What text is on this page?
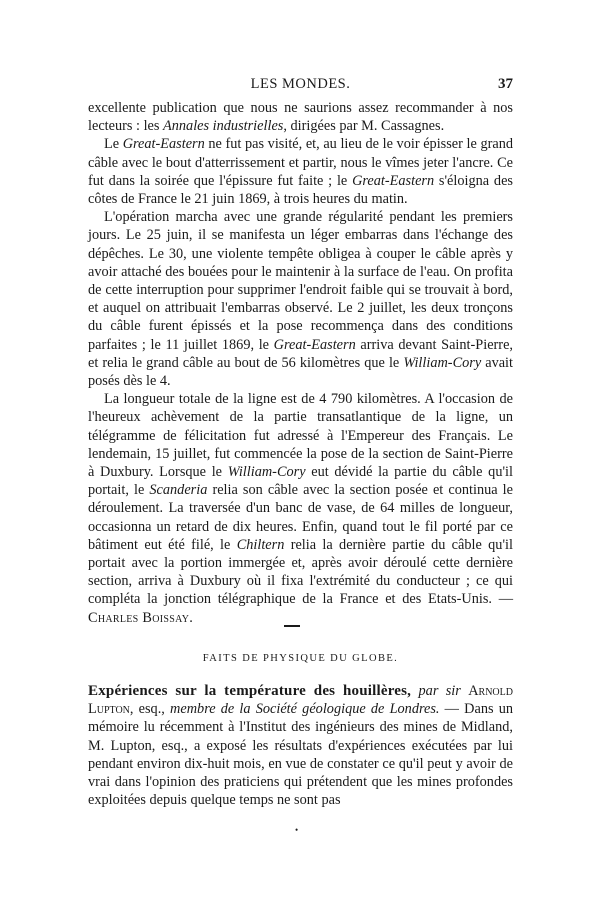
LES MONDES.	37

excellente publication que nous ne saurions assez recommander à nos lecteurs : les Annales industrielles, dirigées par M. Cassagnes.

Le Great-Eastern ne fut pas visité, et, au lieu de le voir épisser le grand câble avec le bout d'atterrissement et partir, nous le vîmes jeter l'ancre. Ce fut dans la soirée que l'épissure fut faite ; le Great-Eastern s'éloigna des côtes de France le 21 juin 1869, à trois heures du matin.

L'opération marcha avec une grande régularité pendant les premiers jours. Le 25 juin, il se manifesta un léger embarras dans l'échange des dépêches. Le 30, une violente tempête obligea à couper le câble après y avoir attaché des bouées pour le maintenir à la surface de l'eau. On profita de cette interruption pour supprimer l'endroit faible qui se trouvait à bord, et auquel on attribuait l'embarras observé. Le 2 juillet, les deux tronçons du câble furent épissés et la pose recommença dans des conditions parfaites ; le 11 juillet 1869, le Great-Eastern arriva devant Saint-Pierre, et relia le grand câble au bout de 56 kilomètres que le William-Cory avait posés dès le 4.

La longueur totale de la ligne est de 4 790 kilomètres. A l'occasion de l'heureux achèvement de la partie transatlantique de la ligne, un télégramme de félicitation fut adressé à l'Empereur des Français. Le lendemain, 15 juillet, fut commencée la pose de la section de Saint-Pierre à Duxbury. Lorsque le William-Cory eut dévidé la partie du câble qu'il portait, le Scanderia relia son câble avec la section posée et continua le déroulement. La traversée d'un banc de vase, de 64 milles de longueur, occasionna un retard de dix heures. Enfin, quand tout le fil porté par ce bâtiment eut été filé, le Chiltern relia la dernière partie du câble qu'il portait avec la portion immergée et, après avoir déroulé cette dernière section, arriva à Duxbury où il fixa l'extrémité du conducteur ; ce qui compléta la jonction télégraphique de la France et des Etats-Unis. — Charles Boissay.

FAITS DE PHYSIQUE DU GLOBE.

Expériences sur la température des houillères, par sir Arnold Lupton, esq., membre de la Société géologique de Londres. — Dans un mémoire lu récemment à l'Institut des ingénieurs des mines de Midland, M. Lupton, esq., a exposé les résultats d'expériences exécutées par lui pendant environ dix-huit mois, en vue de constater ce qu'il peut y avoir de vrai dans l'opinion des praticiens qui prétendent que les mines profondes exploitées depuis quelque temps ne sont pas

•
